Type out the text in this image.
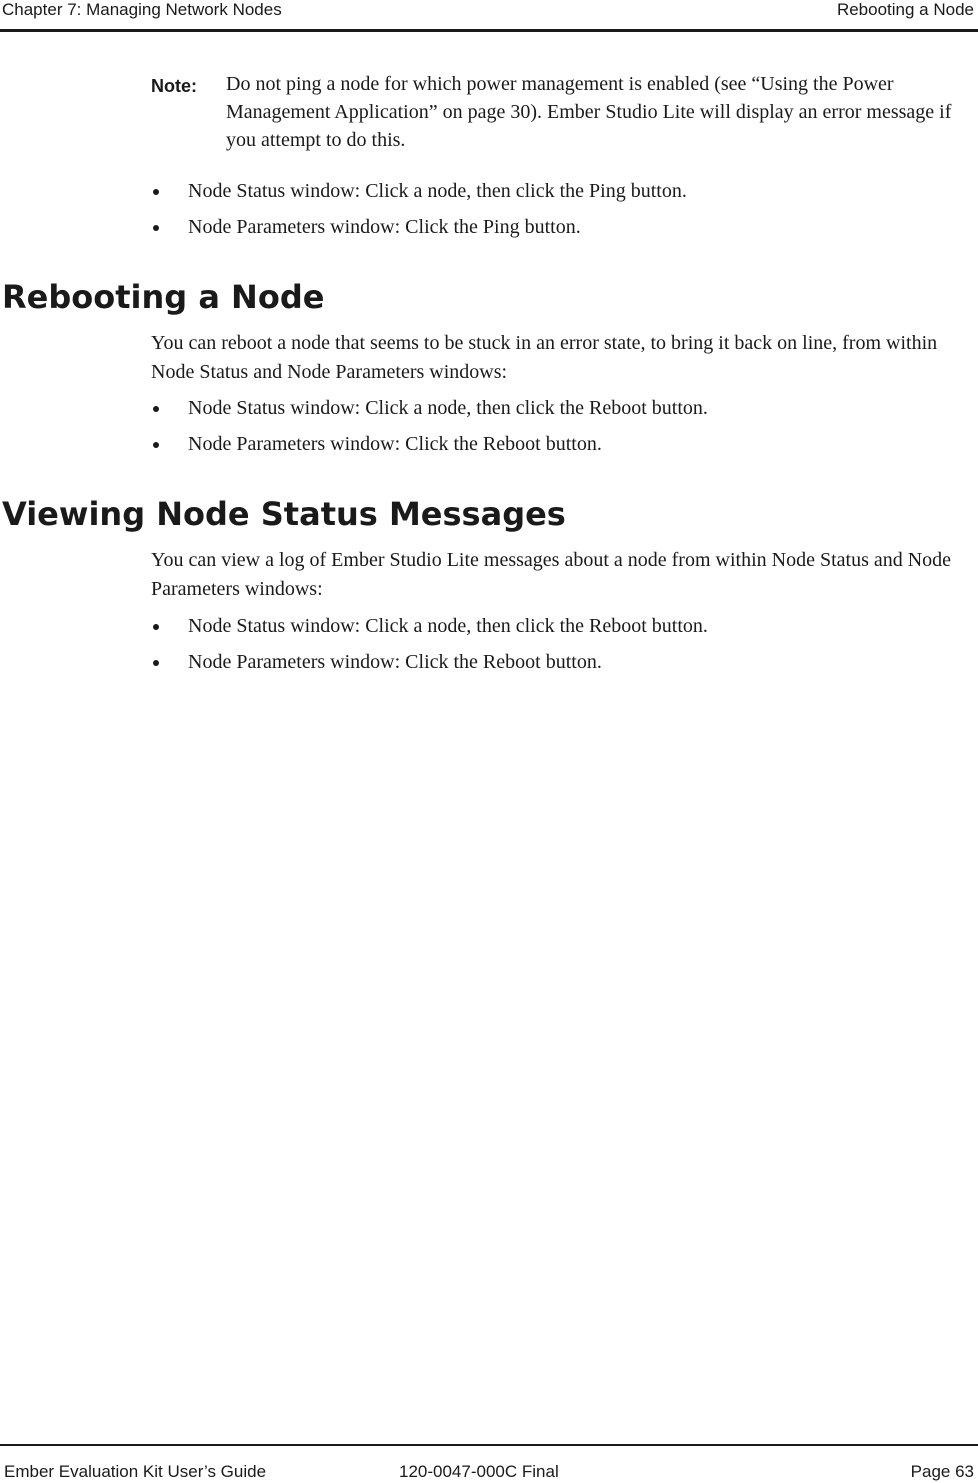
Chapter 7: Managing Network Nodes	Rebooting a Node
Note: Do not ping a node for which power management is enabled (see “Using the Power Management Application” on page 30). Ember Studio Lite will display an error message if you attempt to do this.
Node Status window: Click a node, then click the Ping button.
Node Parameters window: Click the Ping button.
Rebooting a Node
You can reboot a node that seems to be stuck in an error state, to bring it back on line, from within Node Status and Node Parameters windows:
Node Status window: Click a node, then click the Reboot button.
Node Parameters window: Click the Reboot button.
Viewing Node Status Messages
You can view a log of Ember Studio Lite messages about a node from within Node Status and Node Parameters windows:
Node Status window: Click a node, then click the Reboot button.
Node Parameters window: Click the Reboot button.
Ember Evaluation Kit User’s Guide	120-0047-000C Final	Page 63
